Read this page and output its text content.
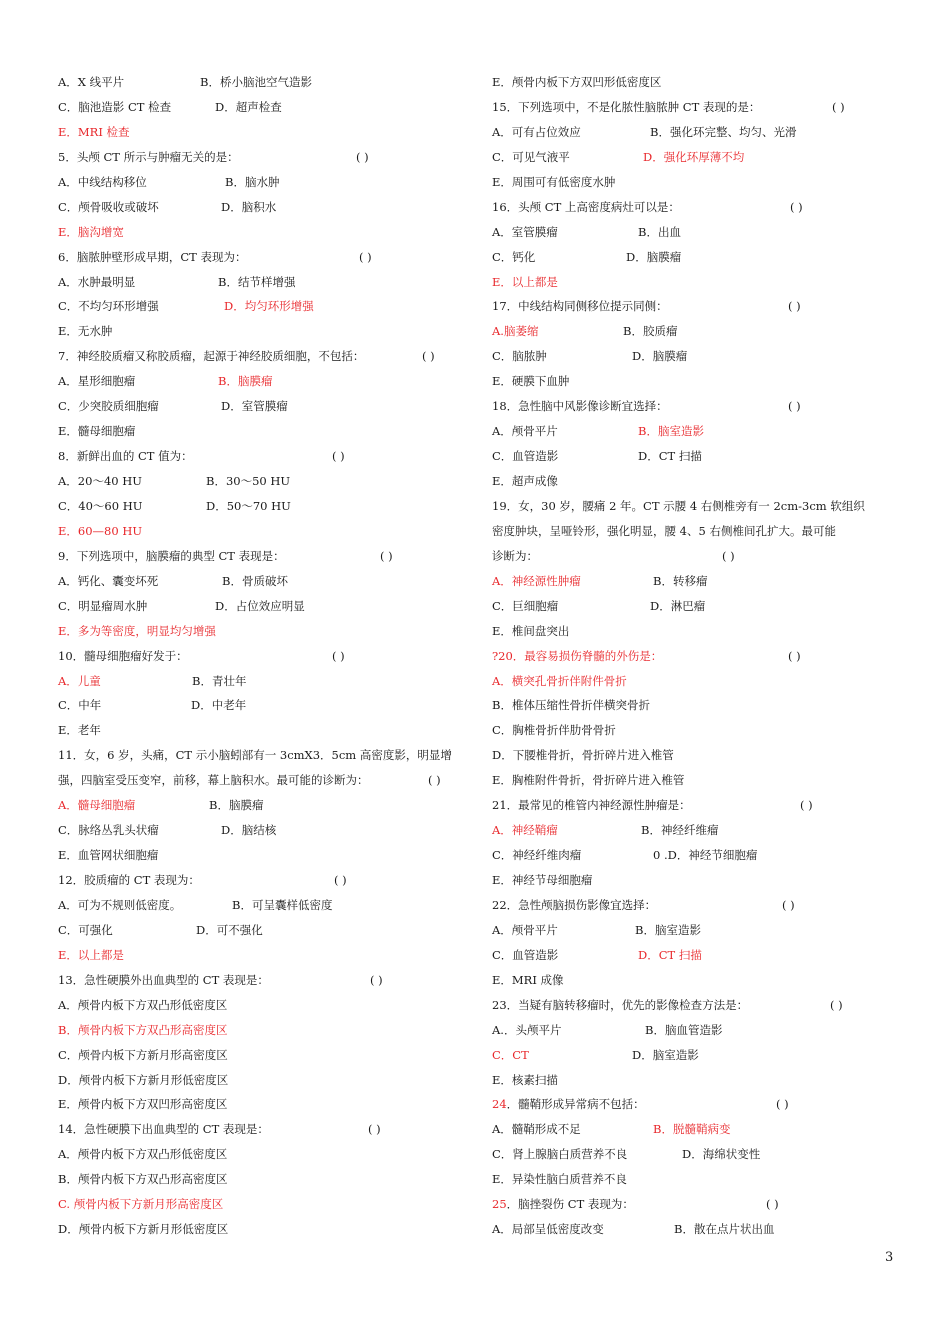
A．X 线平片	B．桥小脑池空气造影
C．脑池造影 CT 检查	D．超声检查
E．MRI 检查
5．头颅 CT 所示与肿瘤无关的是：	( )
A．中线结构移位	B．脑水肿
C．颅骨吸收或破坏	D．脑积水
E．脑沟增宽
6．脑脓肿壁形成早期，CT 表现为：	( )
A．水肿最明显	B．结节样增强
C．不均匀环形增强	D．均匀环形增强
E．无水肿
7．神经胶质瘤又称胶质瘤，起源于神经胶质细胞，不包括：	( )
A．星形细胞瘤	B．脑膜瘤
C．少突胶质细胞瘤	D．室管膜瘤
E．髓母细胞瘤
8．新鲜出血的 CT 值为：	( )
A．20～40 HU	B．30～50 HU
C．40～60 HU	D．50～70 HU
E．60—80 HU
9．下列选项中，脑膜瘤的典型 CT 表现是：	( )
A．钙化、囊变坏死	B．骨质破坏
C．明显瘤周水肿	D．占位效应明显
E．多为等密度，明显均匀增强
10．髓母细胞瘤好发于：	( )
A．儿童	B．青壮年
C．中年	D．中老年
E．老年
11．女，6 岁，头痛，CT 示小脑蚓部有一 3cmX3．5cm 高密度影，明显增
强，四脑室受压变窄，前移，幕上脑积水。最可能的诊断为：	( )
A．髓母细胞瘤	B．脑膜瘤
C．脉络丛乳头状瘤	D．脑结核
E．血管网状细胞瘤
12．胶质瘤的 CT 表现为：	( )
A．可为不规则低密度。	B．可呈囊样低密度
C．可强化	D．可不强化
E．以上都是
13．急性硬膜外出血典型的 CT 表现是：	( )
A．颅骨内板下方双凸形低密度区
B．颅骨内板下方双凸形高密度区
C．颅骨内板下方新月形高密度区
D．颅骨内板下方新月形低密度区
E．颅骨内板下方双凹形高密度区
14．急性硬膜下出血典型的 CT 表现是：	( )
A．颅骨内板下方双凸形低密度区
B．颅骨内板下方双凸形高密度区
C. 颅骨内板下方新月形高密度区
D．颅骨内板下方新月形低密度区
E．颅骨内板下方双凹形低密度区
15．下列选项中，不是化脓性脑脓肿 CT 表现的是：	( )
A．可有占位效应	B．强化环完整、均匀、光滑
C．可见气液平	D．强化环厚薄不均
E．周围可有低密度水肿
16．头颅 CT 上高密度病灶可以是：	( )
A．室管膜瘤	B．出血
C．钙化	D．脑膜瘤
E．以上都是
17．中线结构同侧移位提示同侧：	( )
A.脑萎缩	B．胶质瘤
C．脑脓肿	D．脑膜瘤
E．硬膜下血肿
18．急性脑中风影像诊断宜选择：	( )
A．颅骨平片	B．脑室造影
C．血管造影	D．CT 扫描
E．超声成像
19．女，30 岁，腰痛 2 年。CT 示腰 4 右侧椎旁有一 2cm-3cm 软组织
密度肿块，呈哑铃形，强化明显，腰 4、5 右侧椎间孔扩大。最可能
诊断为：	( )
A．神经源性肿瘤	B．转移瘤
C．巨细胞瘤	D．淋巴瘤
E．椎间盘突出
?20．最容易损伤脊髓的外伤是：	( )
A．横突孔骨折伴附件骨折
B．椎体压缩性骨折伴横突骨折
C．胸椎骨折伴肋骨骨折
D．下腰椎骨折，骨折碎片进入椎管
E．胸椎附件骨折，骨折碎片进入椎管
21．最常见的椎管内神经源性肿瘤是：	( )
A．神经鞘瘤	B．神经纤维瘤
C．神经纤维肉瘤	0 .D．神经节细胞瘤
E．神经节母细胞瘤
22．急性颅脑损伤影像宜选择：	( )
A．颅骨平片	B．脑室造影
C．血管造影	D．CT 扫描
E．MRI 成像
23．当疑有脑转移瘤时，优先的影像检查方法是：	( )
A.．头颅平片	B．脑血管造影
C．CT	D．脑室造影
E．核素扫描
24．髓鞘形成异常病不包括：	( )
A．髓鞘形成不足	B．脱髓鞘病变
C．肾上腺脑白质营养不良	D．海绵状变性
E．异染性脑白质营养不良
25．脑挫裂伤 CT 表现为：	( )
A．局部呈低密度改变	B．散在点片状出血
3
